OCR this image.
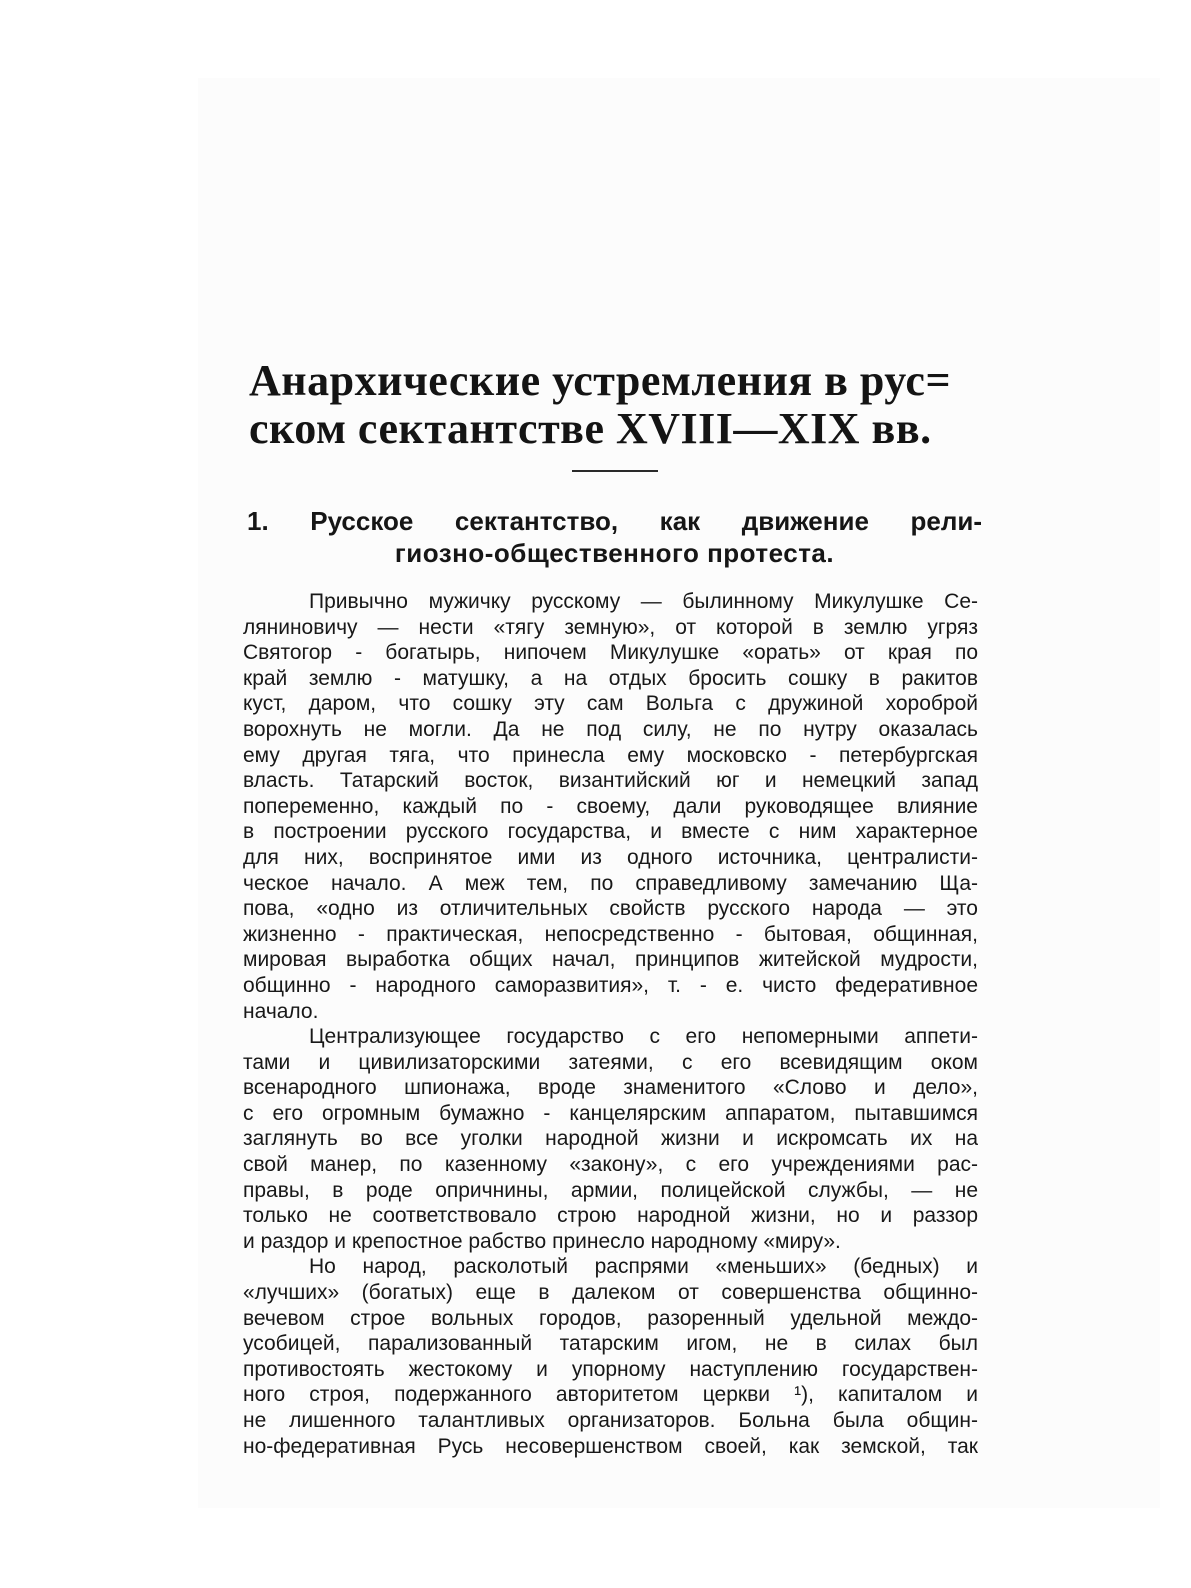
Анархические устремления в рус=
ском сектантстве XVIII—XIX вв.
1. Русское сектантство, как движение рели-
гиозно-общественного протеста.
Привычно мужичку русскому — былинному Микулушке Се-
ляниновичу — нести «тягу земную», от которой в землю угряз
Святогор - богатырь, нипочем Микулушке «орать» от края по
край землю - матушку, а на отдых бросить сошку в ракитов
куст, даром, что сошку эту сам Вольга с дружиной хороброй
ворохнуть не могли. Да не под силу, не по нутру оказалась
ему другая тяга, что принесла ему московско - петербургская
власть. Татарский восток, византийский юг и немецкий запад
попеременно, каждый по - своему, дали руководящее влияние
в построении русского государства, и вместе с ним характерное
для них, воспринятое ими из одного источника, централисти-
ческое начало. А меж тем, по справедливому замечанию Ща-
пова, «одно из отличительных свойств русского народа — это
жизненно - практическая, непосредственно - бытовая, общинная,
мировая выработка общих начал, принципов житейской мудрости,
общинно - народного саморазвития», т. - е. чисто федеративное
начало.
Централизующее государство с его непомерными аппети-
тами и цивилизаторскими затеями, с его всевидящим оком
всенародного шпионажа, вроде знаменитого «Слово и дело»,
с его огромным бумажно - канцелярским аппаратом, пытавшимся
заглянуть во все уголки народной жизни и искромсать их на
свой манер, по казенному «закону», с его учреждениями рас-
правы, в роде опричнины, армии, полицейской службы, — не
только не соответствовало строю народной жизни, но и раззор
и раздор и крепостное рабство принесло народному «миру».
Но народ, расколотый распрями «меньших» (бедных) и
«лучших» (богатых) еще в далеком от совершенства общинно-
вечевом строе вольных городов, разоренный удельной междо-
усобицей, парализованный татарским игом, не в силах был
противостоять жестокому и упорному наступлению государствен-
ного строя, подержанного авторитетом церкви ¹), капиталом и
не лишенного талантливых организаторов. Больна была общин-
но-федеративная Русь несовершенством своей, как земской, так
